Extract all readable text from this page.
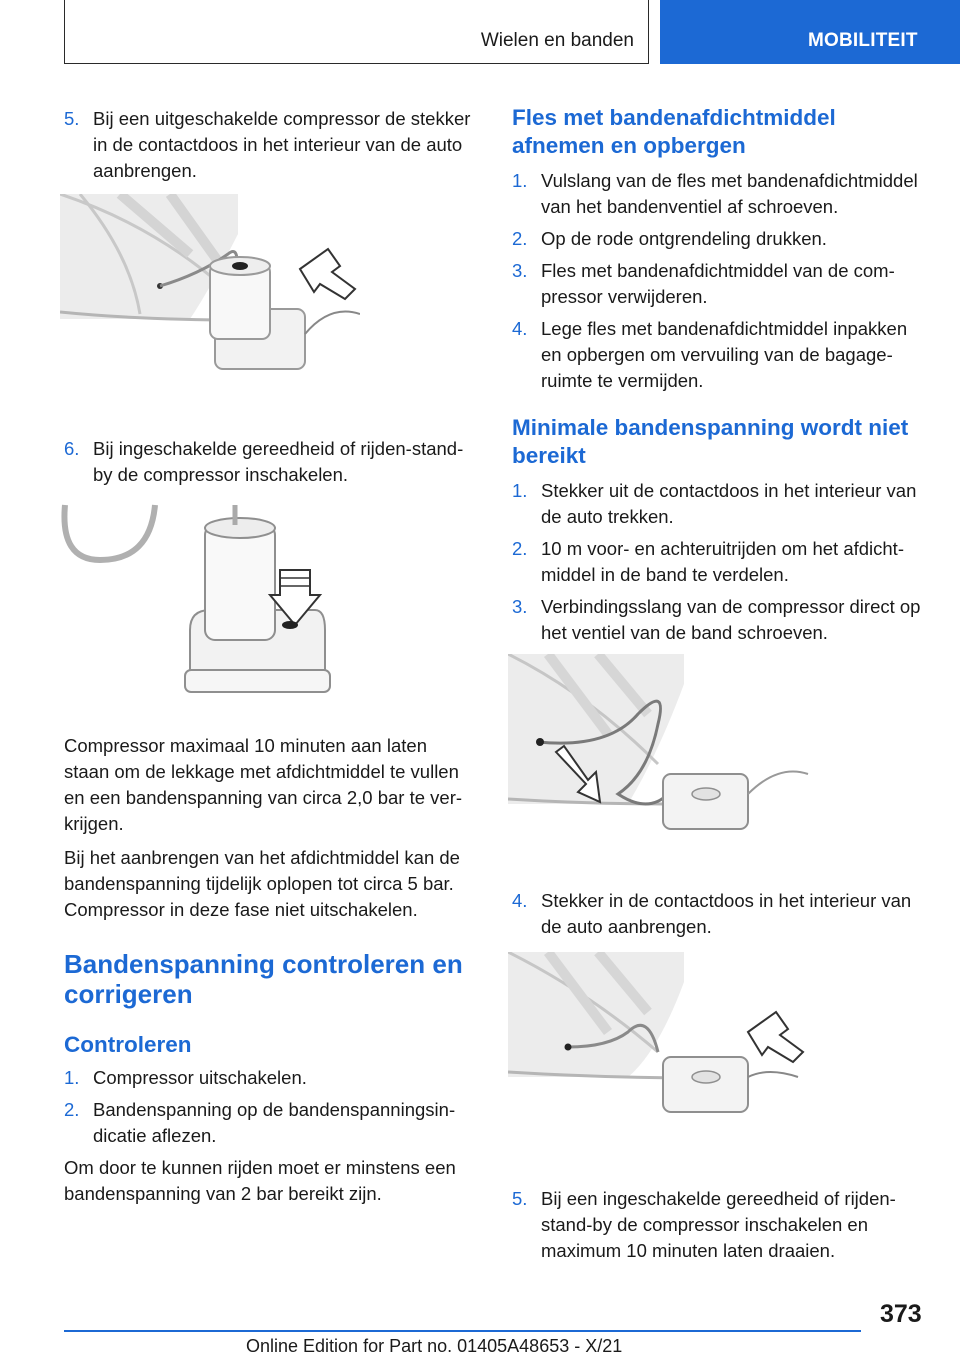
Wielen en banden	MOBILITEIT
5. Bij een uitgeschakelde compressor de stekker in de contactdoos in het interieur van de auto aanbrengen.
6. Bij ingeschakelde gereedheid of rijden-stand-by de compressor inschakelen.

Compressor maximaal 10 minuten aan laten staan om de lekkage met afdichtmiddel te vullen en een bandenspanning van circa 2,0 bar te verkrijgen.

Bij het aanbrengen van het afdichtmiddel kan de bandenspanning tijdelijk oplopen tot circa 5 bar. Compressor in deze fase niet uitschakelen.

Bandenspanning controleren en corrigeren
Controleren
1. Compressor uitschakelen.
2. Bandenspanning op de bandenspanningsindicatie aflezen.

Om door te kunnen rijden moet er minstens een bandenspanning van 2 bar bereikt zijn.

Fles met bandenafdichtmiddel afnemen en opbergen
1. Vulslang van de fles met bandenafdichtmiddel van het bandenventiel af schroeven.
2. Op de rode ontgrendeling drukken.
3. Fles met bandenafdichtmiddel van de compressor verwijderen.
4. Lege fles met bandenafdichtmiddel inpakken en opbergen om vervuiling van de bagageruimte te vermijden.
Minimale bandenspanning wordt niet bereikt
1. Stekker uit de contactdoos in het interieur van de auto trekken.
2. 10 m voor- en achteruitrijden om het afdichtmiddel in de band te verdelen.
3. Verbindingsslang van de compressor direct op het ventiel van de band schroeven.
4. Stekker in de contactdoos in het interieur van de auto aanbrengen.
5. Bij een ingeschakelde gereedheid of rijden-stand-by de compressor inschakelen en maximum 10 minuten laten draaien.
373
Online Edition for Part no. 01405A48653 - X/21
